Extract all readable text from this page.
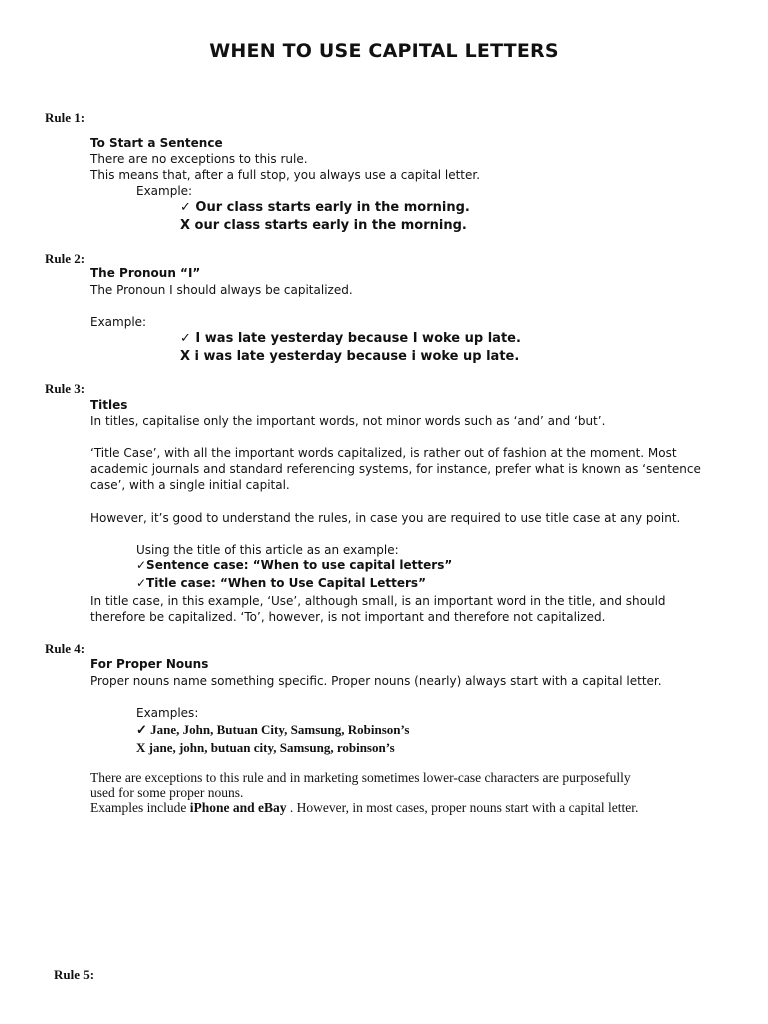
WHEN TO USE CAPITAL LETTERS
Rule 1:
To Start a Sentence
There are no exceptions to this rule.
This means that, after a full stop, you always use a capital letter.
Example:
✓ Our class starts early in the morning.
X our class starts early in the morning.
Rule 2:
The Pronoun “I”
The Pronoun I should always be capitalized.
Example:
✓ I was late yesterday because I woke up late.
X i was late yesterday because i woke up late.
Rule 3:
Titles
In titles, capitalise only the important words, not minor words such as ‘and’ and ‘but’.
‘Title Case’, with all the important words capitalized, is rather out of fashion at the moment. Most
academic journals and standard referencing systems, for instance, prefer what is known as ‘sentence
case’, with a single initial capital.
However, it’s good to understand the rules, in case you are required to use title case at any point.
Using the title of this article as an example:
✓Sentence case: “When to use capital letters”
✓Title case: “When to Use Capital Letters”
In title case, in this example, ‘Use’, although small, is an important word in the title, and should
therefore be capitalized. ‘To’, however, is not important and therefore not capitalized.
Rule 4:
For Proper Nouns
Proper nouns name something specific. Proper nouns (nearly) always start with a capital letter.
Examples:
✓ Jane, John, Butuan City, Samsung, Robinson’s
X jane, john, butuan city, Samsung, robinson’s
There are exceptions to this rule and in marketing sometimes lower-case characters are purposefully
used for some proper nouns.
Examples include iPhone and eBay . However, in most cases, proper nouns start with a capital letter.
Rule 5:
